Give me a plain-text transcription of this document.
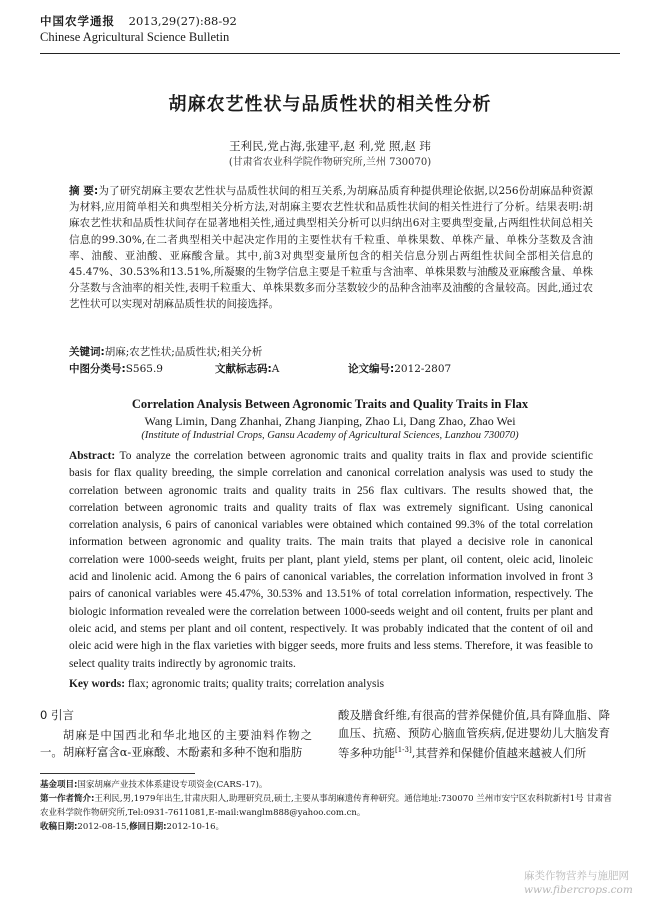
中国农学通报 2013,29(27):88-92
Chinese Agricultural Science Bulletin
胡麻农艺性状与品质性状的相关性分析
王利民,党占海,张建平,赵 利,党 照,赵 玮
(甘肃省农业科学院作物研究所,兰州 730070)
摘 要:为了研究胡麻主要农艺性状与品质性状间的相互关系,为胡麻品质育种提供理论依据,以256份胡麻品种资源为材料,应用简单相关和典型相关分析方法,对胡麻主要农艺性状和品质性状间的相关性进行了分析。结果表明:胡麻农艺性状和品质性状间存在显著地相关性,通过典型相关分析可以归纳出6对主要典型变量,占两组性状间总相关信息的99.30%,在二者典型相关中起决定作用的主要性状有千粒重、单株果数、单株产量、单株分茎数及含油率、油酸、亚油酸、亚麻酸含量。其中,前3对典型变量所包含的相关信息分别占两组性状间全部相关信息的45.47%、30.53%和13.51%,所凝聚的生物学信息主要是千粒重与含油率、单株果数与油酸及亚麻酸含量、单株分茎数与含油率的相关性,表明千粒重大、单株果数多而分茎数较少的品种含油率及油酸的含量较高。因此,通过农艺性状可以实现对胡麻品质性状的间接选择。
关键词:胡麻;农艺性状;品质性状;相关分析
中图分类号:S565.9	文献标志码:A	论文编号:2012-2807
Correlation Analysis Between Agronomic Traits and Quality Traits in Flax
Wang Limin, Dang Zhanhai, Zhang Jianping, Zhao Li, Dang Zhao, Zhao Wei
(Institute of Industrial Crops, Gansu Academy of Agricultural Sciences, Lanzhou 730070)
Abstract: To analyze the correlation between agronomic traits and quality traits in flax and provide scientific basis for flax quality breeding, the simple correlation and canonical correlation analysis was used to study the correlation between agronomic traits and quality traits in 256 flax cultivars. The results showed that, the correlation between agronomic traits and quality traits of flax was extremely significant. Using canonical correlation analysis, 6 pairs of canonical variables were obtained which contained 99.3% of the total correlation information between agronomic and quality traits. The main traits that played a decisive role in canonical correlation were 1000-seeds weight, fruits per plant, plant yield, stems per plant, oil content, oleic acid, linoleic acid and linolenic acid. Among the 6 pairs of canonical variables, the correlation information involved in front 3 pairs of canonical variables were 45.47%, 30.53% and 13.51% of total correlation information, respectively. The biologic information revealed were the correlation between 1000-seeds weight and oil content, fruits per plant and oleic acid, and stems per plant and oil content, respectively. It was probably indicated that the content of oil and oleic acid were high in the flax varieties with bigger seeds, more fruits and less stems. Therefore, it was feasible to select quality traits indirectly by agronomic traits.
Key words: flax; agronomic traits; quality traits; correlation analysis
0 引言
胡麻是中国西北和华北地区的主要油料作物之一。胡麻籽富含α-亚麻酸、木酚素和多种不饱和脂肪
酸及膳食纤维,有很高的营养保健价值,具有降血脂、降血压、抗癌、预防心脑血管疾病,促进婴幼儿大脑发育等多种功能[1-3],其营养和保健价值越来越被人们所
基金项目:国家胡麻产业技术体系建设专项资金(CARS-17)。
第一作者简介:王利民,男,1979年出生,甘肃庆阳人,助理研究员,硕士,主要从事胡麻遗传育种研究。通信地址:730070 兰州市安宁区农科院新村1号 甘肃省农业科学院作物研究所,Tel:0931-7611081,E-mail:wanglm888@yahoo.com.cn。
收稿日期:2012-08-15,修回日期:2012-10-16。
麻类作物营养与施肥网
www.fibercrops.com
